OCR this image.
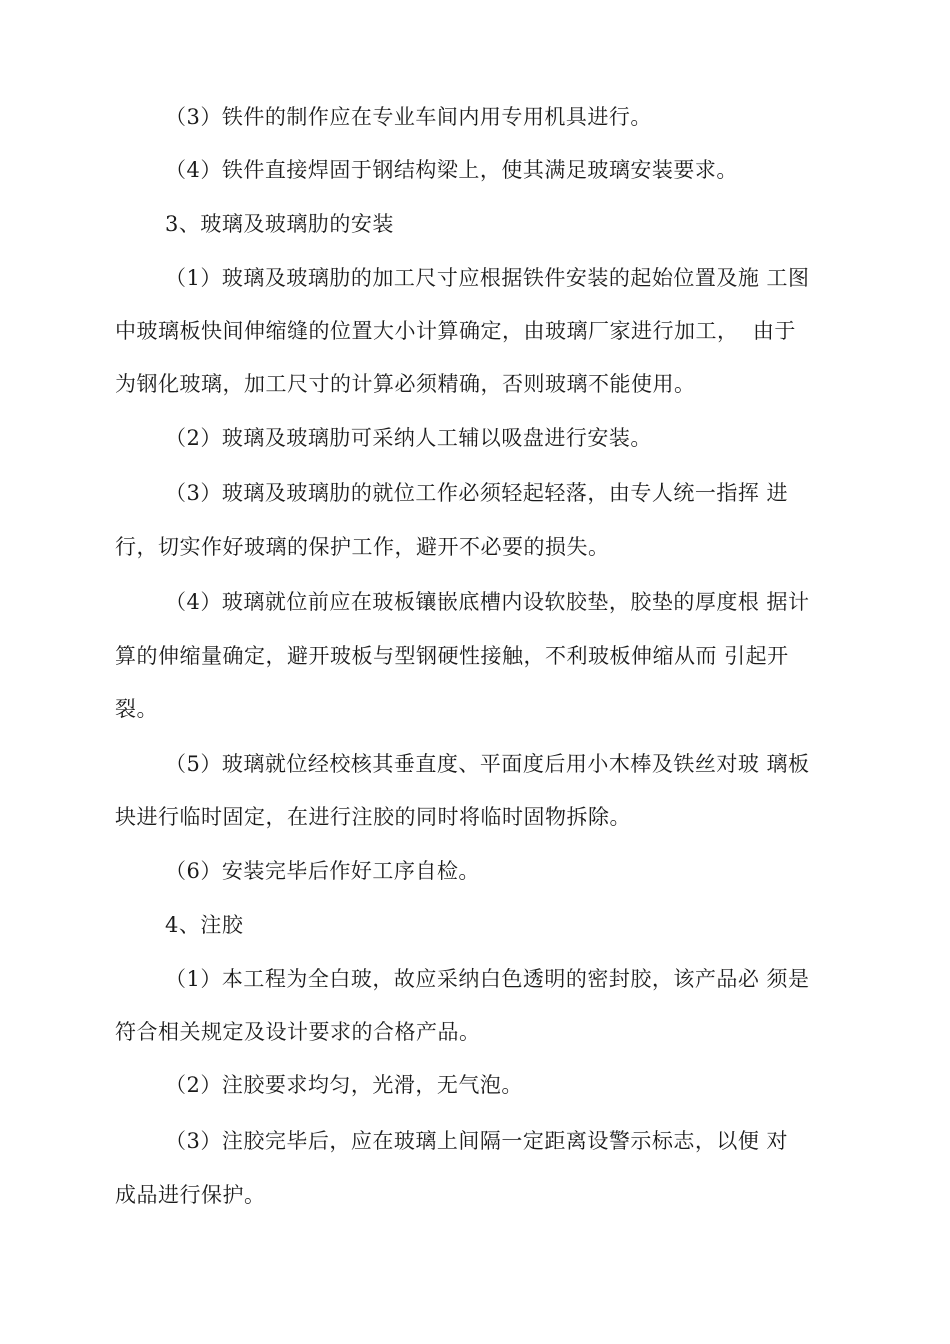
（3）铁件的制作应在专业车间内用专用机具进行。
（4）铁件直接焊固于钢结构梁上，使其满足玻璃安装要求。
3、玻璃及玻璃肋的安装
（1）玻璃及玻璃肋的加工尺寸应根据铁件安装的起始位置及施 工图
中玻璃板快间伸缩缝的位置大小计算确定，由玻璃厂家进行加工，  由于
为钢化玻璃，加工尺寸的计算必须精确，否则玻璃不能使用。
（2）玻璃及玻璃肋可采纳人工辅以吸盘进行安装。
（3）玻璃及玻璃肋的就位工作必须轻起轻落，由专人统一指挥 进
行，切实作好玻璃的保护工作，避开不必要的损失。
（4）玻璃就位前应在玻板镶嵌底槽内设软胶垫，胶垫的厚度根 据计
算的伸缩量确定，避开玻板与型钢硬性接触，不利玻板伸缩从而 引起开
裂。
（5）玻璃就位经校核其垂直度、平面度后用小木棒及铁丝对玻 璃板
块进行临时固定，在进行注胶的同时将临时固物拆除。
（6）安装完毕后作好工序自检。
4、注胶
（1）本工程为全白玻，故应采纳白色透明的密封胶，该产品必 须是
符合相关规定及设计要求的合格产品。
（2）注胶要求均匀，光滑，无气泡。
（3）注胶完毕后，应在玻璃上间隔一定距离设警示标志，以便 对
成品进行保护。
